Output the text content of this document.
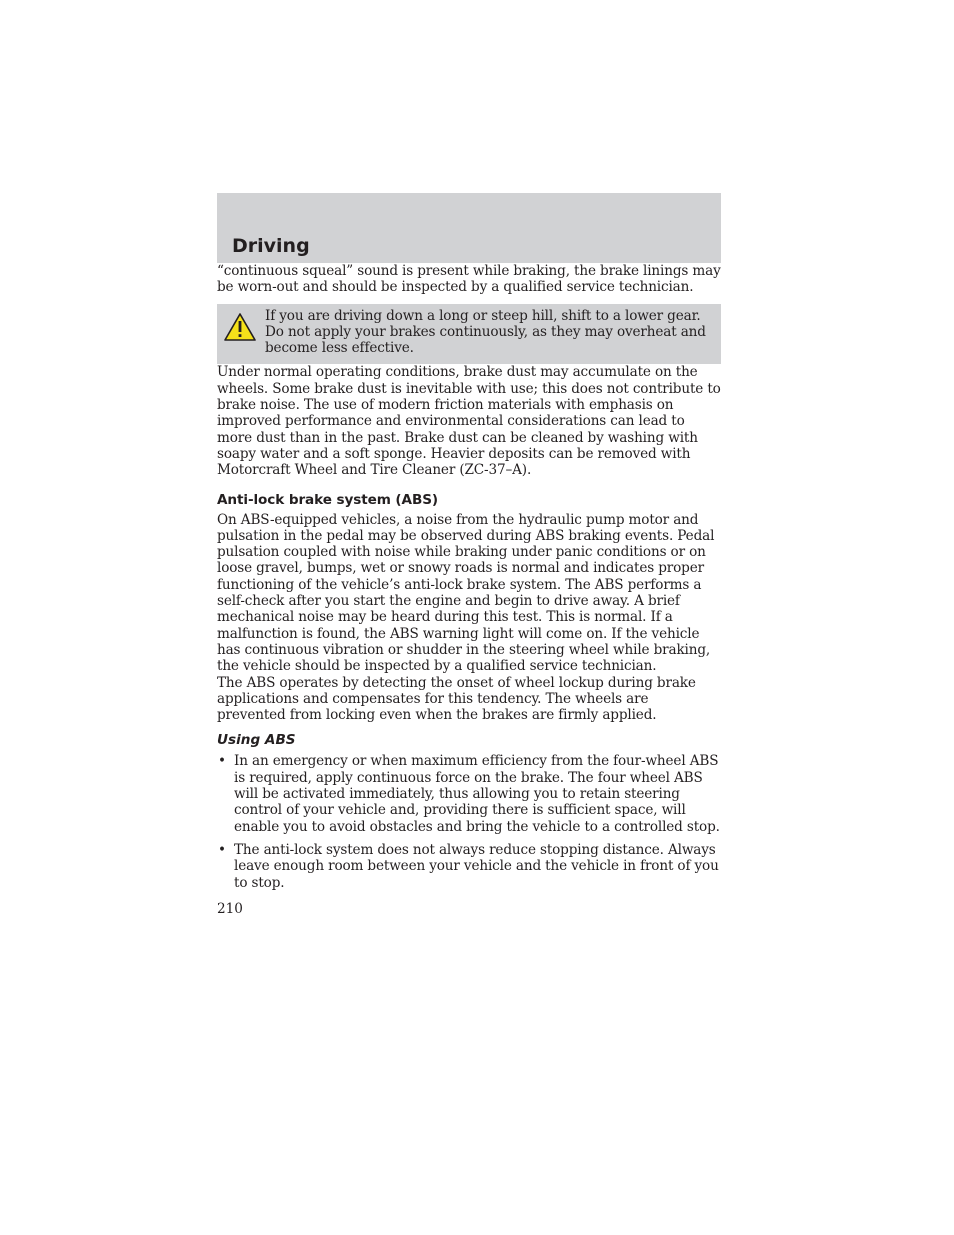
Driving

“continuous squeal” sound is present while braking, the brake linings may be worn-out and should be inspected by a qualified service technician.

If you are driving down a long or steep hill, shift to a lower gear. Do not apply your brakes continuously, as they may overheat and become less effective.

Under normal operating conditions, brake dust may accumulate on the wheels. Some brake dust is inevitable with use; this does not contribute to brake noise. The use of modern friction materials with emphasis on improved performance and environmental considerations can lead to more dust than in the past. Brake dust can be cleaned by washing with soapy water and a soft sponge. Heavier deposits can be removed with Motorcraft Wheel and Tire Cleaner (ZC-37–A).

Anti-lock brake system (ABS)

On ABS-equipped vehicles, a noise from the hydraulic pump motor and pulsation in the pedal may be observed during ABS braking events. Pedal pulsation coupled with noise while braking under panic conditions or on loose gravel, bumps, wet or snowy roads is normal and indicates proper functioning of the vehicle’s anti-lock brake system. The ABS performs a self-check after you start the engine and begin to drive away. A brief mechanical noise may be heard during this test. This is normal. If a malfunction is found, the ABS warning light will come on. If the vehicle has continuous vibration or shudder in the steering wheel while braking, the vehicle should be inspected by a qualified service technician.

The ABS operates by detecting the onset of wheel lockup during brake applications and compensates for this tendency. The wheels are prevented from locking even when the brakes are firmly applied.

Using ABS
• In an emergency or when maximum efficiency from the four-wheel ABS is required, apply continuous force on the brake. The four wheel ABS will be activated immediately, thus allowing you to retain steering control of your vehicle and, providing there is sufficient space, will enable you to avoid obstacles and bring the vehicle to a controlled stop.
• The anti-lock system does not always reduce stopping distance. Always leave enough room between your vehicle and the vehicle in front of you to stop.
210
